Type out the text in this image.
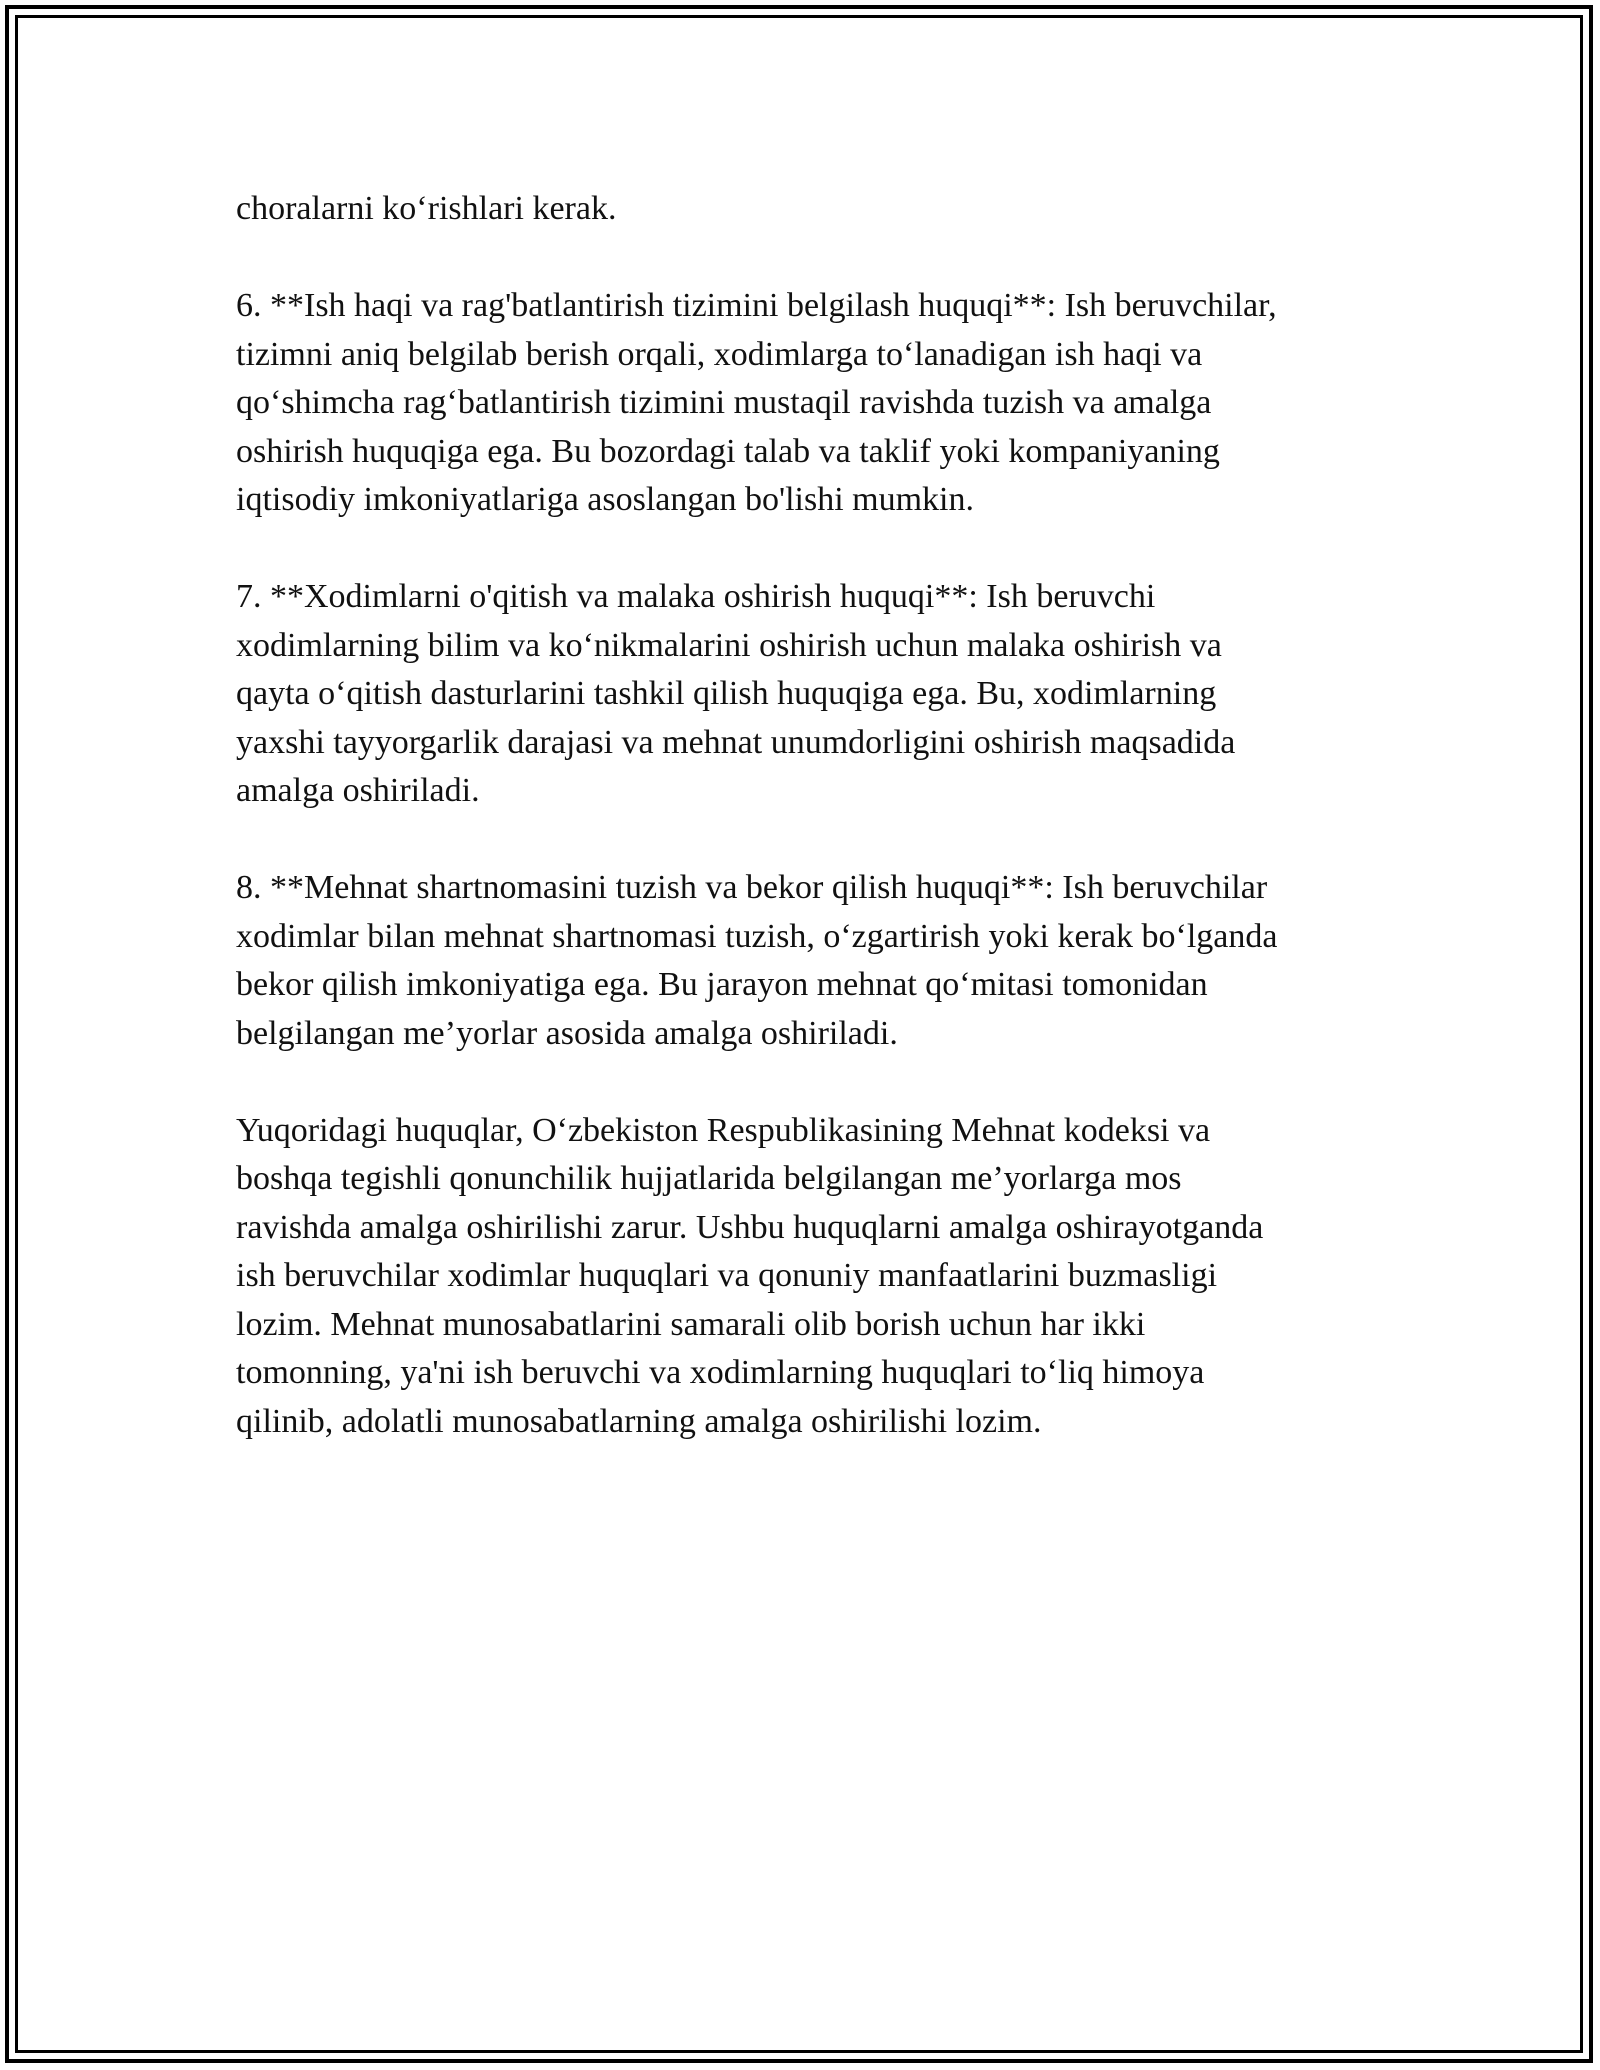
choralarni ko‘rishlari kerak.

6. **Ish haqi va rag'batlantirish tizimini belgilash huquqi**: Ish beruvchilar,
tizimni aniq belgilab berish orqali, xodimlarga to‘lanadigan ish haqi va
qo‘shimcha rag‘batlantirish tizimini mustaqil ravishda tuzish va amalga
oshirish huquqiga ega. Bu bozordagi talab va taklif yoki kompaniyaning
iqtisodiy imkoniyatlariga asoslangan bo'lishi mumkin.

7. **Xodimlarni o'qitish va malaka oshirish huquqi**: Ish beruvchi
xodimlarning bilim va ko‘nikmalarini oshirish uchun malaka oshirish va
qayta o‘qitish dasturlarini tashkil qilish huquqiga ega. Bu, xodimlarning
yaxshi tayyorgarlik darajasi va mehnat unumdorligini oshirish maqsadida
amalga oshiriladi.

8. **Mehnat shartnomasini tuzish va bekor qilish huquqi**: Ish beruvchilar
xodimlar bilan mehnat shartnomasi tuzish, o‘zgartirish yoki kerak bo‘lganda
bekor qilish imkoniyatiga ega. Bu jarayon mehnat qo‘mitasi tomonidan
belgilangan me’yorlar asosida amalga oshiriladi.

Yuqoridagi huquqlar, O‘zbekiston Respublikasining Mehnat kodeksi va
boshqa tegishli qonunchilik hujjatlarida belgilangan me’yorlarga mos
ravishda amalga oshirilishi zarur. Ushbu huquqlarni amalga oshirayotganda
ish beruvchilar xodimlar huquqlari va qonuniy manfaatlarini buzmasligi
lozim. Mehnat munosabatlarini samarali olib borish uchun har ikki
tomonning, ya'ni ish beruvchi va xodimlarning huquqlari to‘liq himoya
qilinib, adolatli munosabatlarning amalga oshirilishi lozim.
